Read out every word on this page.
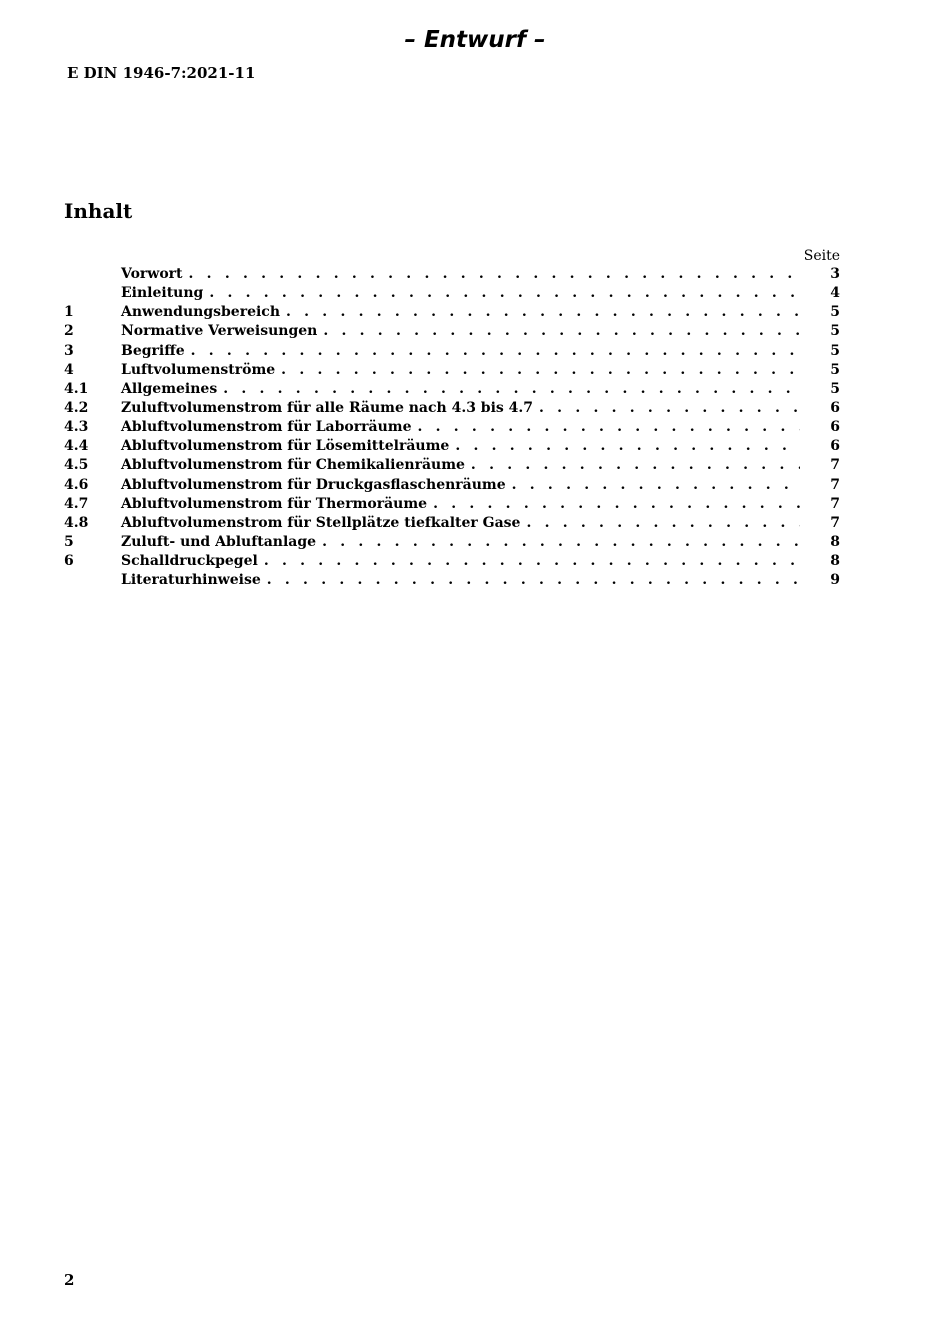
– Entwurf –
E DIN 1946-7:2021-11
Inhalt
Seite
Vorwort . . .	3
Einleitung . . .	4
1	Anwendungsbereich . . .	5
2	Normative Verweisungen . . .	5
3	Begriffe . . .	5
4	Luftvolumenströme . . .	5
4.1	Allgemeines . . .	5
4.2	Zuluftvolumenstrom für alle Räume nach 4.3 bis 4.7 . . .	6
4.3	Abluftvolumenstrom für Laborräume . . .	6
4.4	Abluftvolumenstrom für Lösemittelräume . . .	6
4.5	Abluftvolumenstrom für Chemikalienräume . . .	7
4.6	Abluftvolumenstrom für Druckgasflaschenräume . . .	7
4.7	Abluftvolumenstrom für Thermoräume . . .	7
4.8	Abluftvolumenstrom für Stellplätze tiefkalter Gase . . .	7
5	Zuluft- und Abluftanlage . . .	8
6	Schalldruckpegel . . .	8
Literaturhinweise . . .	9
2
